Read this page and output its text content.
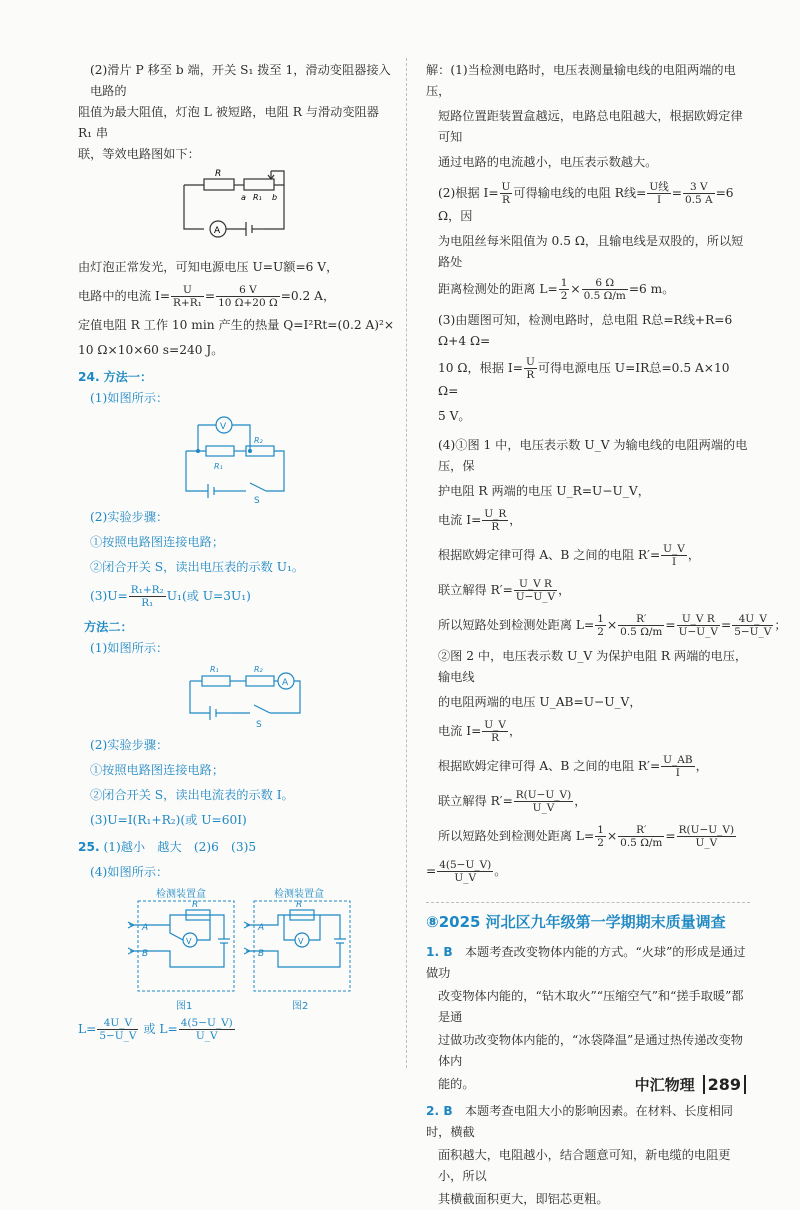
(2)滑片 P 移至 b 端，开关 S₁ 拨至 1，滑动变阻器接入电路的

阻值为最大阻值，灯泡 L 被短路，电阻 R 与滑动变阻器 R₁ 串

联，等效电路图如下：

R
a R₁ b
A

由灯泡正常发光，可知电源电压 U=U额=6 V，

电路中的电流 $I= \frac{U}{\text{R+R₁}} = \frac{6 V}{10 \Omega+20 \Omega} =0.2$ A，

定值电阻 R 工作 10 min 产生的热量 Q=I²Rt=(0.2 A)²×

10 Ω×10×60 s=240 J。

24. 方法一：

(1)如图所示：

V
R₁
R₂
S

(2)实验步骤：

①按照电路图连接电路；

②闭合开关 S，读出电压表的示数 U₁。

$(3)U= \frac{\text{R₁+R₂}}{\text{R₁}} U_1$(或 U=3U₁)

方法二：

(1)如图所示：

R₁	R₂
A
S

(2)实验步骤：

①按照电路图连接电路；

②闭合开关 S，读出电流表的示数 I。

(3)U=I(R₁+R₂)(或 U=60I)

25. (1)越小　越大　(2)6　(3)5

(4)如图所示：

检测装置盒
A
B
R
V
图1
检测装置盒
A
B
R
V
图2

$L= \frac{4U\_V}{5-U\_V}$ 或 $L= \frac{4(5-U\_V)}{U\_V}$

解：(1)当检测电路时，电压表测量输电线的电阻两端的电压，

短路位置距装置盒越远，电路总电阻越大，根据欧姆定律可知

通过电路的电流越小，电压表示数越大。

(2)根据 $I= \frac{U}{R}$ 可得输电线的电阻 R线= $\frac{\text{U线}}{I} = \frac{3 V}{0.5 A} =6$ Ω，因

为电阻丝每米阻值为 0.5 Ω，且输电线是双股的，所以短路处

距离检测处的距离 $L= \frac{1}{2} \times \frac{6 \Omega}{0.5 \Omega/m} =6$ m。

(3)由题图可知，检测电路时，总电阻 R总=R线+R=6 Ω+4 Ω=

10 Ω，根据 $I= \frac{U}{R}$ 可得电源电压 U=IR总=0.5 A×10 Ω=

5 V。

(4)①图 1 中，电压表示数 U_V 为输电线的电阻两端的电压，保

护电阻 R 两端的电压 U_R=U−U_V，

电流 $I= \frac{U\_R}{R}$ ，

根据欧姆定律可得 A、B 之间的电阻 $R'= \frac{U\_V}{I}$ ，

联立解得 $R'= \frac{\text{U\_V R}}{U-U\_V}$ ，

所以短路处到检测处距离 $L= \frac{1}{2} \times \frac{R'}{0.5 \Omega/m} = \frac{\text{U\_V R}}{U-U\_V} = \frac{4U\_V}{5-U\_V}$ ；

②图 2 中，电压表示数 U_V 为保护电阻 R 两端的电压，输电线

的电阻两端的电压 U_AB=U−U_V，

电流 $I= \frac{U\_V}{R}$ ，

根据欧姆定律可得 A、B 之间的电阻 $R'= \frac{U\_AB}{I}$ ，

联立解得 $R'= \frac{R(U-U\_V)}{U\_V}$ ，

所以短路处到检测处距离 $L= \frac{1}{2} \times \frac{R'}{0.5 \Omega/m} = \frac{R(U-U\_V)}{U\_V}$

= $\frac{4(5-U\_V)}{U\_V}$ 。

⑧2025 河北区九年级第一学期期末质量调查

1. B　 本题考查改变物体内能的方式。“火球”的形成是通过做功

改变物体内能的，“钻木取火”“压缩空气”和“搓手取暖”都是通

过做功改变物体内能的，“冰袋降温”是通过热传递改变物体内

能的。

2. B　 本题考查电阻大小的影响因素。在材料、长度相同时，横截

面积越大，电阻越小，结合题意可知，新电缆的电阻更小，所以

其横截面积更大，即铝芯更粗。

中汇物理 289
